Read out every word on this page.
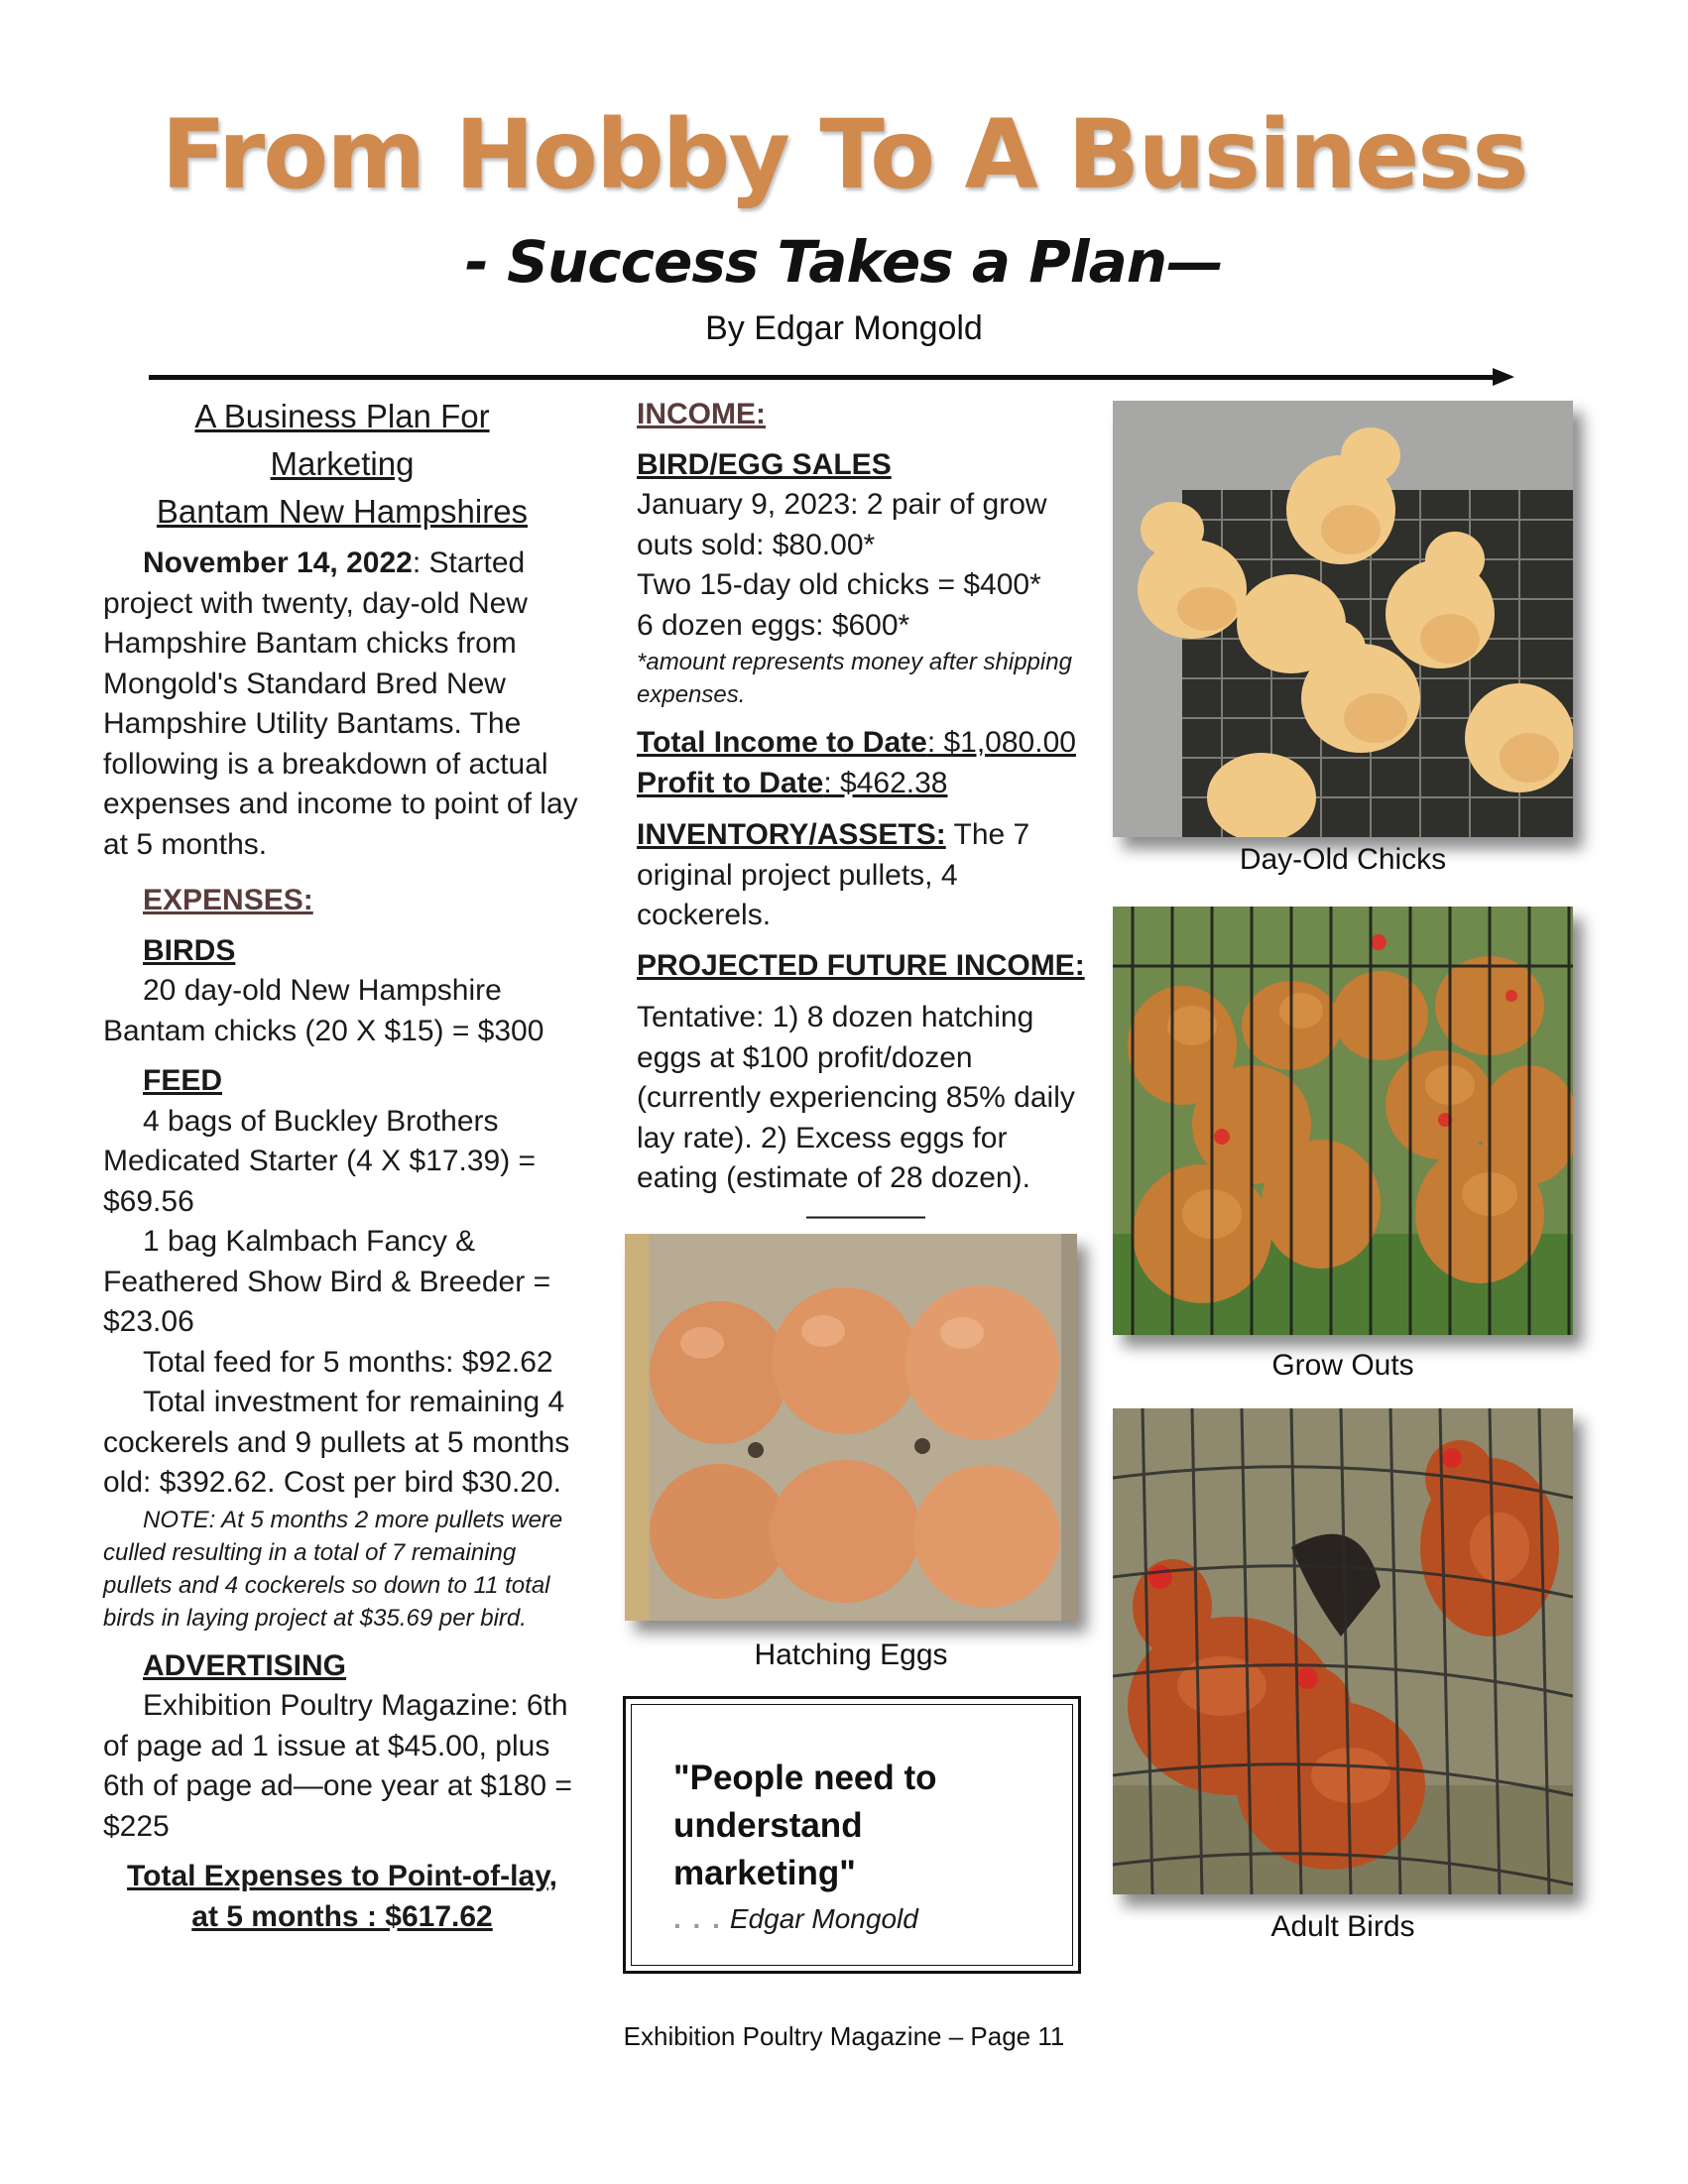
From Hobby To A Business
- Success Takes a Plan—
By Edgar Mongold
A Business Plan For
Marketing
Bantam New Hampshires

November 14, 2022: Started project with twenty, day-old New Hampshire Bantam chicks from Mongold's Standard Bred New Hampshire Utility Bantams. The following is a breakdown of actual expenses and income to point of lay at 5 months.

EXPENSES:

BIRDS

20 day-old New Hampshire Bantam chicks (20 X $15) = $300

FEED

4 bags of Buckley Brothers Medicated Starter (4 X $17.39) = $69.56

1 bag Kalmbach Fancy & Feathered Show Bird & Breeder = $23.06

Total feed for 5 months: $92.62

Total investment for remaining 4 cockerels and 9 pullets at 5 months old: $392.62. Cost per bird $30.20.

NOTE: At 5 months 2 more pullets were culled resulting in a total of 7 remaining pullets and 4 cockerels so down to 11 total birds in laying project at $35.69 per bird.

ADVERTISING

Exhibition Poultry Magazine: 6th of page ad 1 issue at $45.00, plus 6th of page ad—one year at $180 = $225

Total Expenses to Point-of-lay,
at 5 months : $617.62

INCOME:

BIRD/EGG SALES

January 9, 2023: 2 pair of grow outs sold: $80.00*

Two 15-day old chicks = $400*

6 dozen eggs: $600*

*amount represents money after shipping expenses.

Total Income to Date: $1,080.00

Profit to Date: $462.38

INVENTORY/ASSETS: The 7 original project pullets, 4 cockerels.

PROJECTED FUTURE INCOME:

Tentative: 1) 8 dozen hatching eggs at $100 profit/dozen (currently experiencing 85% daily lay rate). 2) Excess eggs for eating (estimate of 28 dozen).

————

Hatching Eggs
"People need to understand marketing"
. . . Edgar Mongold
Day-Old Chicks
Grow Outs
Adult Birds
Exhibition Poultry Magazine – Page 11
